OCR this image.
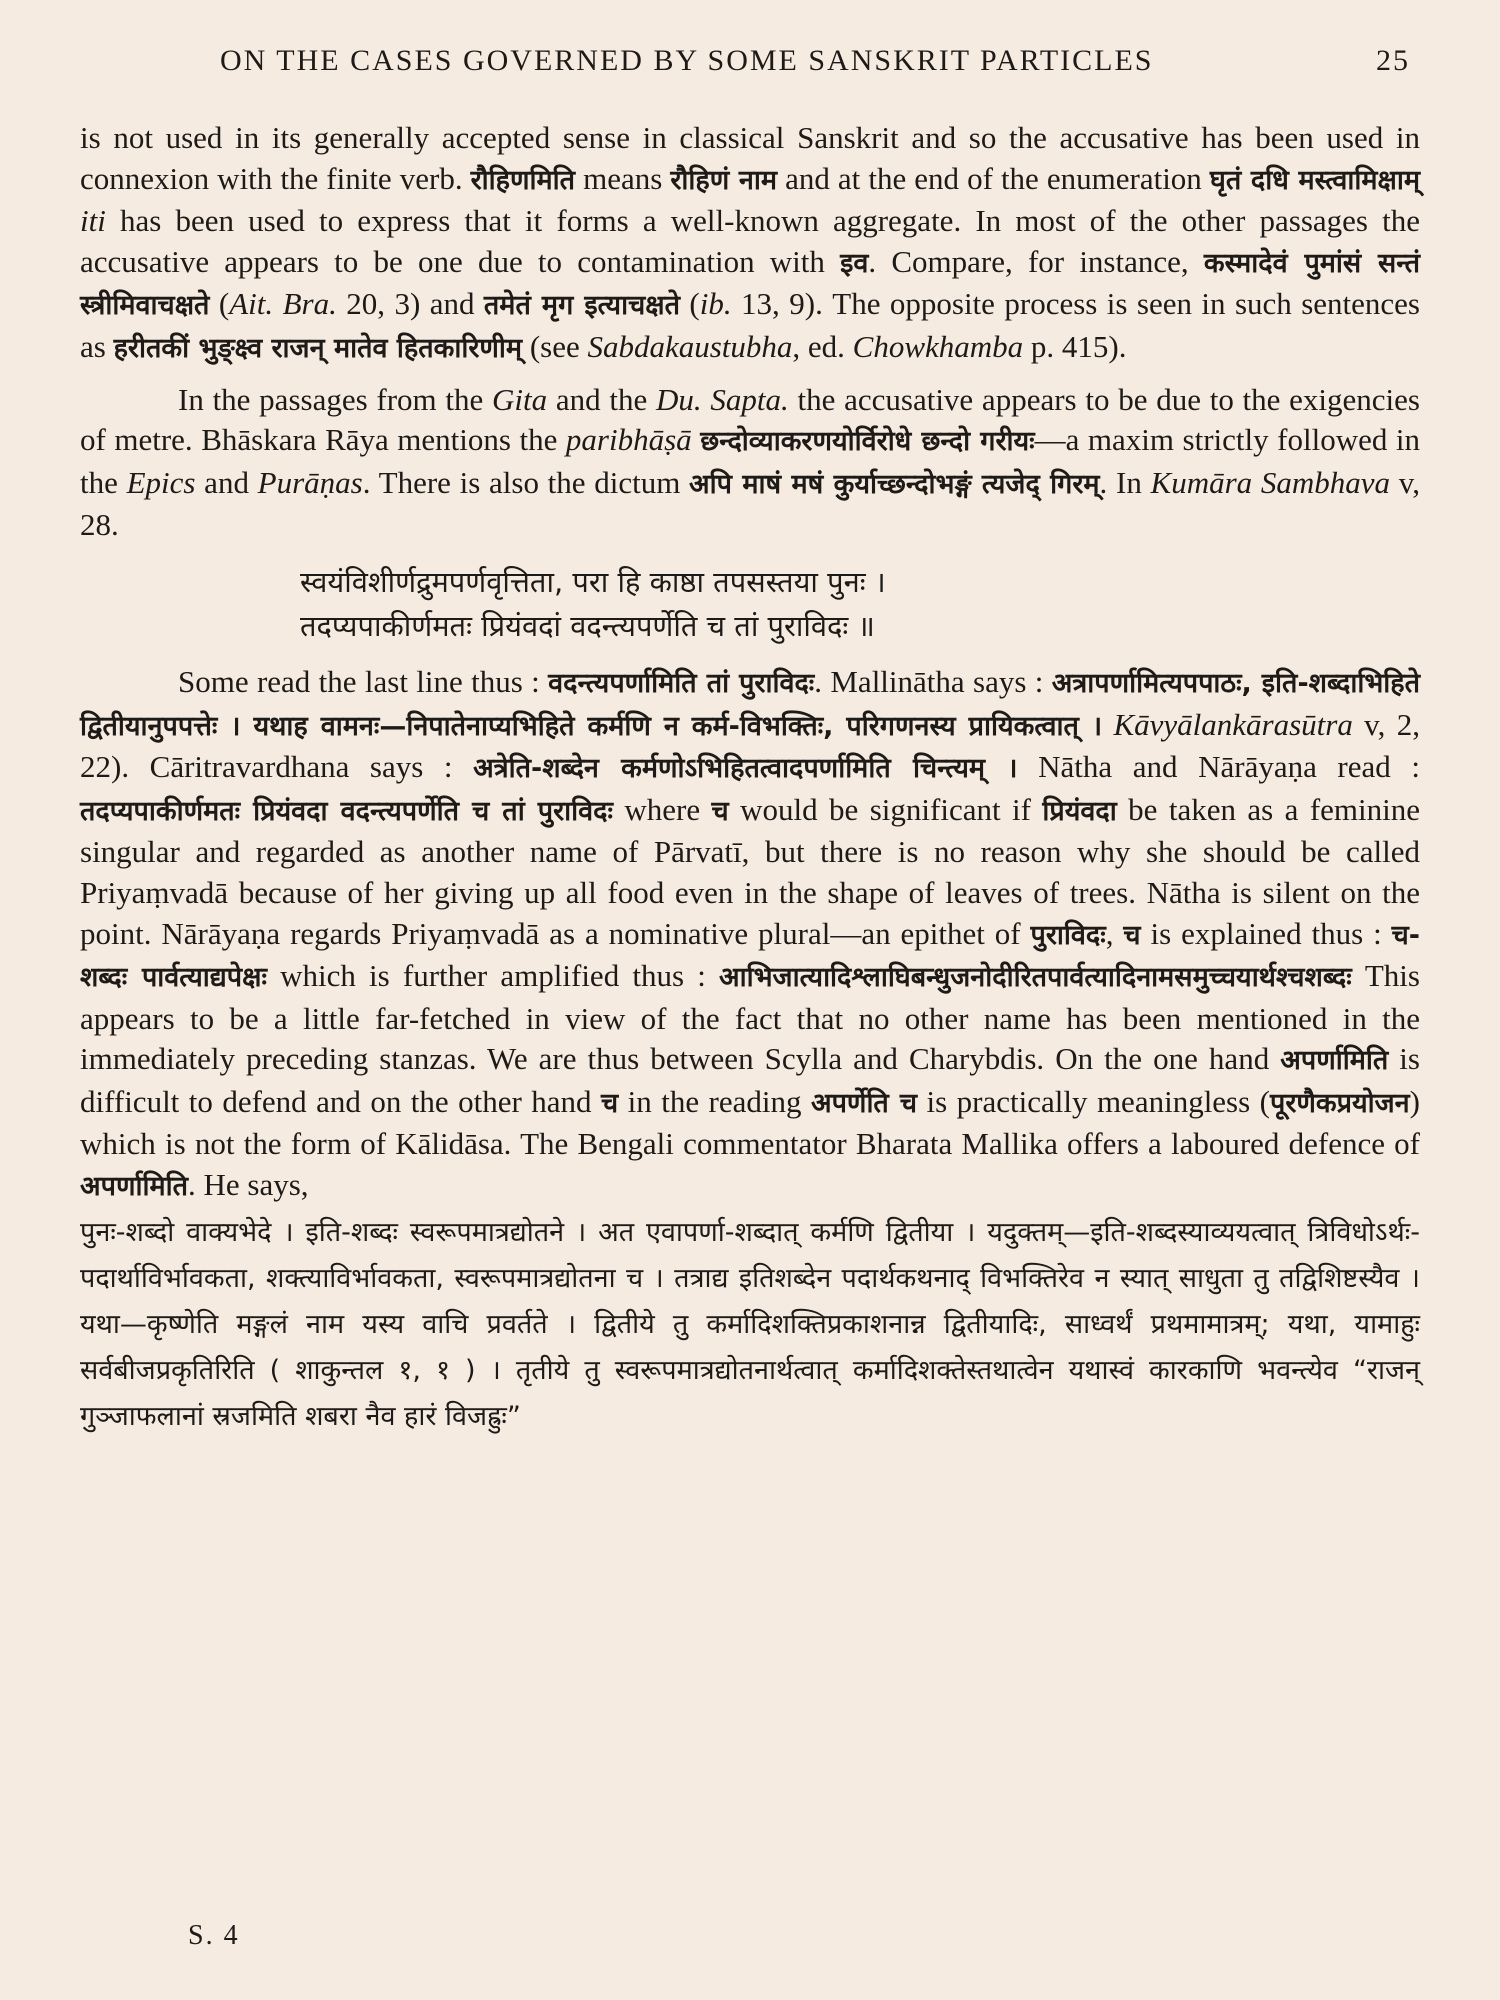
ON THE CASES GOVERNED BY SOME SANSKRIT PARTICLES	25

is not used in its generally accepted sense in classical Sanskrit and so the accusative has been used in connexion with the finite verb. रौहिणमिति means रौहिणं नाम and at the end of the enumeration घृतं दधि मस्त्वामिक्षाम् iti has been used to express that it forms a well-known aggregate. In most of the other passages the accusative appears to be one due to contamination with इव. Compare, for instance, कस्मादेवं पुमांसं सन्तं स्त्रीमिवाचक्षते (Ait. Bra. 20, 3) and तमेतं मृग इत्याचक्षते (ib. 13, 9). The opposite process is seen in such sentences as हरीतकीं भुङ्क्ष्व राजन् मातेव हितकारिणीम् (see Sabdakaustubha, ed. Chowkhamba p. 415).

In the passages from the Gita and the Du. Sapta. the accusative appears to be due to the exigencies of metre. Bhāskara Rāya mentions the paribhāṣā छन्दोव्याकरणयोर्विरोधे छन्दो गरीयः—a maxim strictly followed in the Epics and Purāṇas. There is also the dictum अपि माषं मषं कुर्याच्छन्दोभङ्गं त्यजेद् गिरम्. In Kumāra Sambhava v, 28.

स्वयंविशीर्णद्रुमपर्णवृत्तिता, परा हि काष्ठा तपसस्तया पुनः ।
तदप्यपाकीर्णमतः प्रियंवदां वदन्त्यपर्णेति च तां पुराविदः ॥

Some read the last line thus : वदन्त्यपर्णामिति तां पुराविदः. Mallinātha says : अत्रापर्णामित्यपपाठः, इति-शब्दाभिहिते द्वितीयानुपपत्तेः । यथाह वामनः—निपातेनाप्यभिहिते कर्मणि न कर्म-विभक्तिः, परिगणनस्य प्रायिकत्वात् । Kāvyālankārasūtra v, 2, 22). Cāritravardhana says : अत्रेति-शब्देन कर्मणोऽभिहितत्वादपर्णामिति चिन्त्यम् । Nātha and Nārāyaṇa read : तदप्यपाकीर्णमतः प्रियंवदा वदन्त्यपर्णेति च तां पुराविदः where च would be significant if प्रियंवदा be taken as a feminine singular and regarded as another name of Pārvatī, but there is no reason why she should be called Priyaṃvadā because of her giving up all food even in the shape of leaves of trees. Nātha is silent on the point. Nārāyaṇa regards Priyaṃvadā as a nominative plural—an epithet of पुराविदः, च is explained thus : च-शब्दः पार्वत्याद्यपेक्षः which is further amplified thus : आभिजात्यादिश्लाघिबन्धुजनोदीरितपार्वत्यादिनामसमुच्चयार्थश्चशब्दः This appears to be a little far-fetched in view of the fact that no other name has been mentioned in the immediately preceding stanzas. We are thus between Scylla and Charybdis. On the one hand अपर्णामिति is difficult to defend and on the other hand च in the reading अपर्णेति च is practically meaningless (पूरणैकप्रयोजन) which is not the form of Kālidāsa. The Bengali commentator Bharata Mallika offers a laboured defence of अपर्णामिति. He says,

पुनः-शब्दो वाक्यभेदे । इति-शब्दः स्वरूपमात्रद्योतने । अत एवापर्णा-शब्दात् कर्मणि द्वितीया । यदुक्तम्—इति-शब्दस्याव्ययत्वात् त्रिविधोऽर्थः-पदार्थाविर्भावकता, शक्त्याविर्भावकता, स्वरूपमात्रद्योतना च । तत्राद्य इतिशब्देन पदार्थकथनाद् विभक्तिरेव न स्यात् साधुता तु तद्विशिष्टस्यैव । यथा—कृष्णेति मङ्गलं नाम यस्य वाचि प्रवर्तते । द्वितीये तु कर्मादिशक्तिप्रकाशनान्न द्वितीयादिः, साध्वर्थं प्रथमामात्रम्; यथा, यामाहुः सर्वबीजप्रकृतिरिति ( शाकुन्तल १, १ ) । तृतीये तु स्वरूपमात्रद्योतनार्थत्वात् कर्मादिशक्तेस्तथात्वेन यथास्वं कारकाणि भवन्त्येव “राजन् गुञ्जाफलानां स्रजमिति शबरा नैव हारं विजह्रुः”
S. 4
